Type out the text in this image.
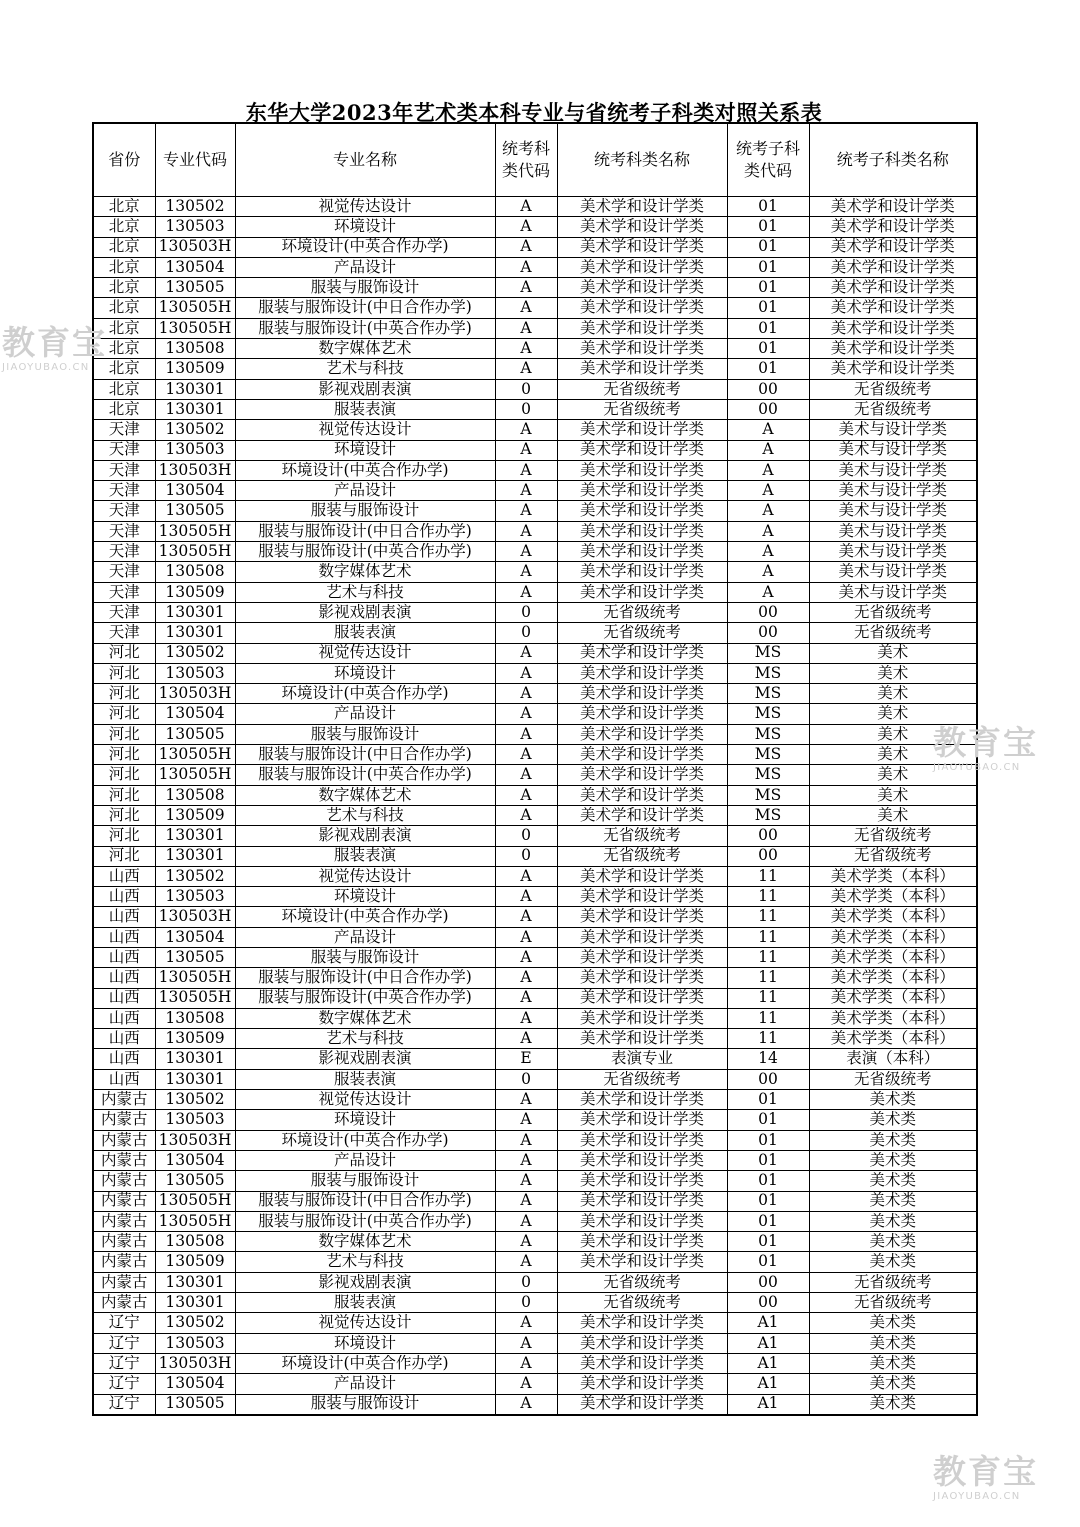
东华大学2023年艺术类本科专业与省统考子科类对照关系表
省份	专业代码	专业名称	统考科类代码	统考科类名称	统考子科类代码	统考子科类名称
北京	130502	视觉传达设计	A	美术学和设计学类	01	美术学和设计学类
北京	130503	环境设计	A	美术学和设计学类	01	美术学和设计学类
北京	130503H	环境设计(中英合作办学)	A	美术学和设计学类	01	美术学和设计学类
北京	130504	产品设计	A	美术学和设计学类	01	美术学和设计学类
北京	130505	服装与服饰设计	A	美术学和设计学类	01	美术学和设计学类
北京	130505H	服装与服饰设计(中日合作办学)	A	美术学和设计学类	01	美术学和设计学类
北京	130505H	服装与服饰设计(中英合作办学)	A	美术学和设计学类	01	美术学和设计学类
北京	130508	数字媒体艺术	A	美术学和设计学类	01	美术学和设计学类
北京	130509	艺术与科技	A	美术学和设计学类	01	美术学和设计学类
北京	130301	影视戏剧表演	0	无省级统考	00	无省级统考
北京	130301	服装表演	0	无省级统考	00	无省级统考
天津	130502	视觉传达设计	A	美术学和设计学类	A	美术与设计学类
天津	130503	环境设计	A	美术学和设计学类	A	美术与设计学类
天津	130503H	环境设计(中英合作办学)	A	美术学和设计学类	A	美术与设计学类
天津	130504	产品设计	A	美术学和设计学类	A	美术与设计学类
天津	130505	服装与服饰设计	A	美术学和设计学类	A	美术与设计学类
天津	130505H	服装与服饰设计(中日合作办学)	A	美术学和设计学类	A	美术与设计学类
天津	130505H	服装与服饰设计(中英合作办学)	A	美术学和设计学类	A	美术与设计学类
天津	130508	数字媒体艺术	A	美术学和设计学类	A	美术与设计学类
天津	130509	艺术与科技	A	美术学和设计学类	A	美术与设计学类
天津	130301	影视戏剧表演	0	无省级统考	00	无省级统考
天津	130301	服装表演	0	无省级统考	00	无省级统考
河北	130502	视觉传达设计	A	美术学和设计学类	MS	美术
河北	130503	环境设计	A	美术学和设计学类	MS	美术
河北	130503H	环境设计(中英合作办学)	A	美术学和设计学类	MS	美术
河北	130504	产品设计	A	美术学和设计学类	MS	美术
河北	130505	服装与服饰设计	A	美术学和设计学类	MS	美术
河北	130505H	服装与服饰设计(中日合作办学)	A	美术学和设计学类	MS	美术
河北	130505H	服装与服饰设计(中英合作办学)	A	美术学和设计学类	MS	美术
河北	130508	数字媒体艺术	A	美术学和设计学类	MS	美术
河北	130509	艺术与科技	A	美术学和设计学类	MS	美术
河北	130301	影视戏剧表演	0	无省级统考	00	无省级统考
河北	130301	服装表演	0	无省级统考	00	无省级统考
山西	130502	视觉传达设计	A	美术学和设计学类	11	美术学类（本科）
山西	130503	环境设计	A	美术学和设计学类	11	美术学类（本科）
山西	130503H	环境设计(中英合作办学)	A	美术学和设计学类	11	美术学类（本科）
山西	130504	产品设计	A	美术学和设计学类	11	美术学类（本科）
山西	130505	服装与服饰设计	A	美术学和设计学类	11	美术学类（本科）
山西	130505H	服装与服饰设计(中日合作办学)	A	美术学和设计学类	11	美术学类（本科）
山西	130505H	服装与服饰设计(中英合作办学)	A	美术学和设计学类	11	美术学类（本科）
山西	130508	数字媒体艺术	A	美术学和设计学类	11	美术学类（本科）
山西	130509	艺术与科技	A	美术学和设计学类	11	美术学类（本科）
山西	130301	影视戏剧表演	E	表演专业	14	表演（本科）
山西	130301	服装表演	0	无省级统考	00	无省级统考
内蒙古	130502	视觉传达设计	A	美术学和设计学类	01	美术类
内蒙古	130503	环境设计	A	美术学和设计学类	01	美术类
内蒙古	130503H	环境设计(中英合作办学)	A	美术学和设计学类	01	美术类
内蒙古	130504	产品设计	A	美术学和设计学类	01	美术类
内蒙古	130505	服装与服饰设计	A	美术学和设计学类	01	美术类
内蒙古	130505H	服装与服饰设计(中日合作办学)	A	美术学和设计学类	01	美术类
内蒙古	130505H	服装与服饰设计(中英合作办学)	A	美术学和设计学类	01	美术类
内蒙古	130508	数字媒体艺术	A	美术学和设计学类	01	美术类
内蒙古	130509	艺术与科技	A	美术学和设计学类	01	美术类
内蒙古	130301	影视戏剧表演	0	无省级统考	00	无省级统考
内蒙古	130301	服装表演	0	无省级统考	00	无省级统考
辽宁	130502	视觉传达设计	A	美术学和设计学类	A1	美术类
辽宁	130503	环境设计	A	美术学和设计学类	A1	美术类
辽宁	130503H	环境设计(中英合作办学)	A	美术学和设计学类	A1	美术类
辽宁	130504	产品设计	A	美术学和设计学类	A1	美术类
辽宁	130505	服装与服饰设计	A	美术学和设计学类	A1	美术类
教育宝
JIAOYUBAO.CN
教育宝
JIAOYUBAO.CN
教育宝
JIAOYUBAO.CN
